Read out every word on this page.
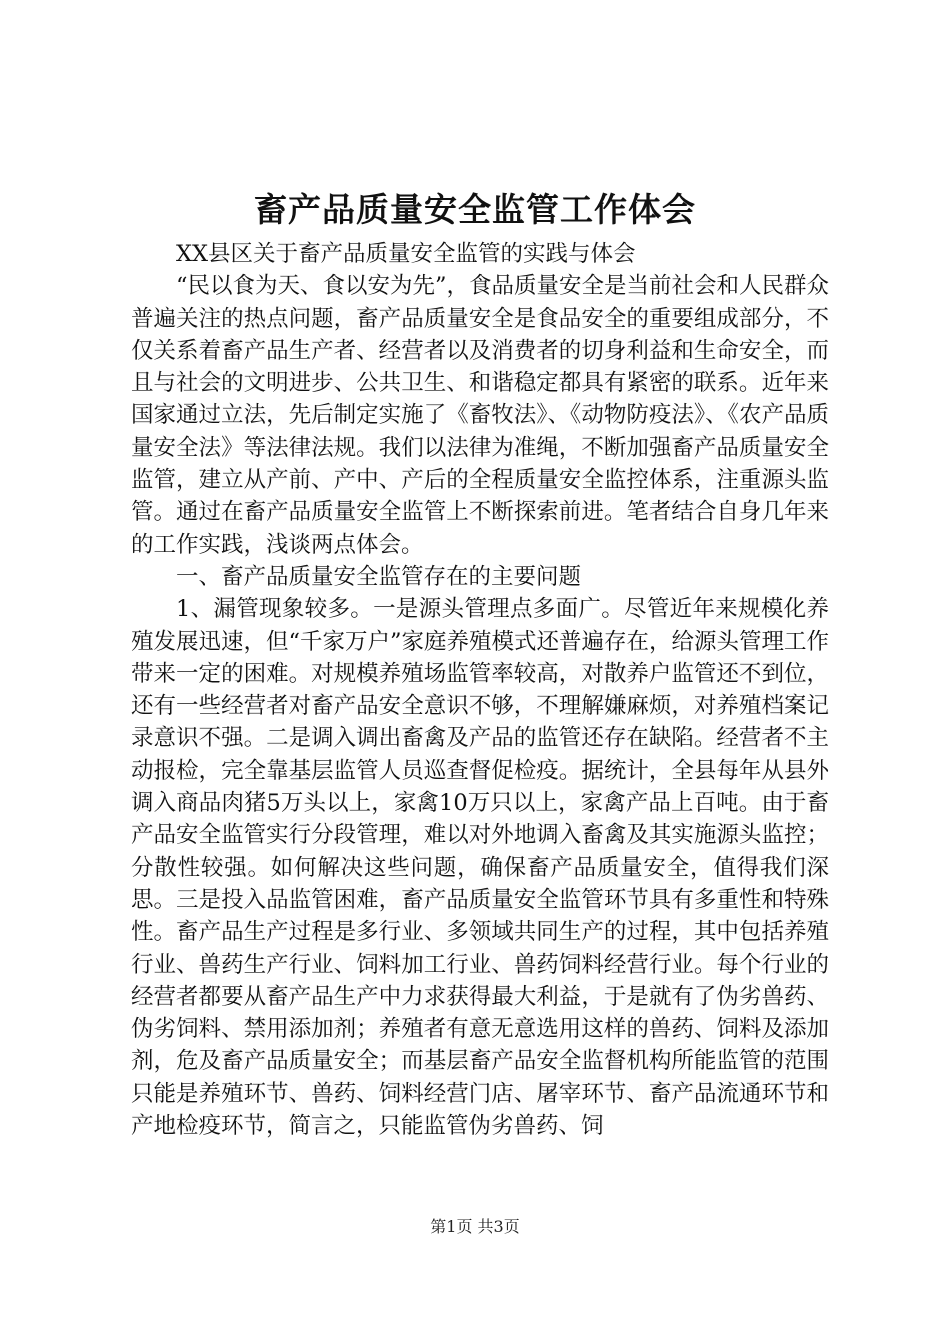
畜产品质量安全监管工作体会

XX县区关于畜产品质量安全监管的实践与体会

“民以食为天、食以安为先”，食品质量安全是当前社会和人民群众普遍关注的热点问题，畜产品质量安全是食品安全的重要组成部分，不仅关系着畜产品生产者、经营者以及消费者的切身利益和生命安全，而且与社会的文明进步、公共卫生、和谐稳定都具有紧密的联系。近年来国家通过立法，先后制定实施了《畜牧法》、《动物防疫法》、《农产品质量安全法》等法律法规。我们以法律为准绳，不断加强畜产品质量安全监管，建立从产前、产中、产后的全程质量安全监控体系，注重源头监管。通过在畜产品质量安全监管上不断探索前进。笔者结合自身几年来的工作实践，浅谈两点体会。

一、畜产品质量安全监管存在的主要问题

1、漏管现象较多。一是源头管理点多面广。尽管近年来规模化养殖发展迅速，但“千家万户”家庭养殖模式还普遍存在，给源头管理工作带来一定的困难。对规模养殖场监管率较高，对散养户监管还不到位，还有一些经营者对畜产品安全意识不够，不理解嫌麻烦，对养殖档案记录意识不强。二是调入调出畜禽及产品的监管还存在缺陷。经营者不主动报检，完全靠基层监管人员巡查督促检疫。据统计，全县每年从县外调入商品肉猪5万头以上，家禽10万只以上，家禽产品上百吨。由于畜产品安全监管实行分段管理，难以对外地调入畜禽及其实施源头监控；分散性较强。如何解决这些问题，确保畜产品质量安全，值得我们深思。三是投入品监管困难，畜产品质量安全监管环节具有多重性和特殊性。畜产品生产过程是多行业、多领域共同生产的过程，其中包括养殖行业、兽药生产行业、饲料加工行业、兽药饲料经营行业。每个行业的经营者都要从畜产品生产中力求获得最大利益，于是就有了伪劣兽药、伪劣饲料、禁用添加剂；养殖者有意无意选用这样的兽药、饲料及添加剂，危及畜产品质量安全；而基层畜产品安全监督机构所能监管的范围只能是养殖环节、兽药、饲料经营门店、屠宰环节、畜产品流通环节和产地检疫环节，简言之，只能监管伪劣兽药、饲

第1页 共3页
